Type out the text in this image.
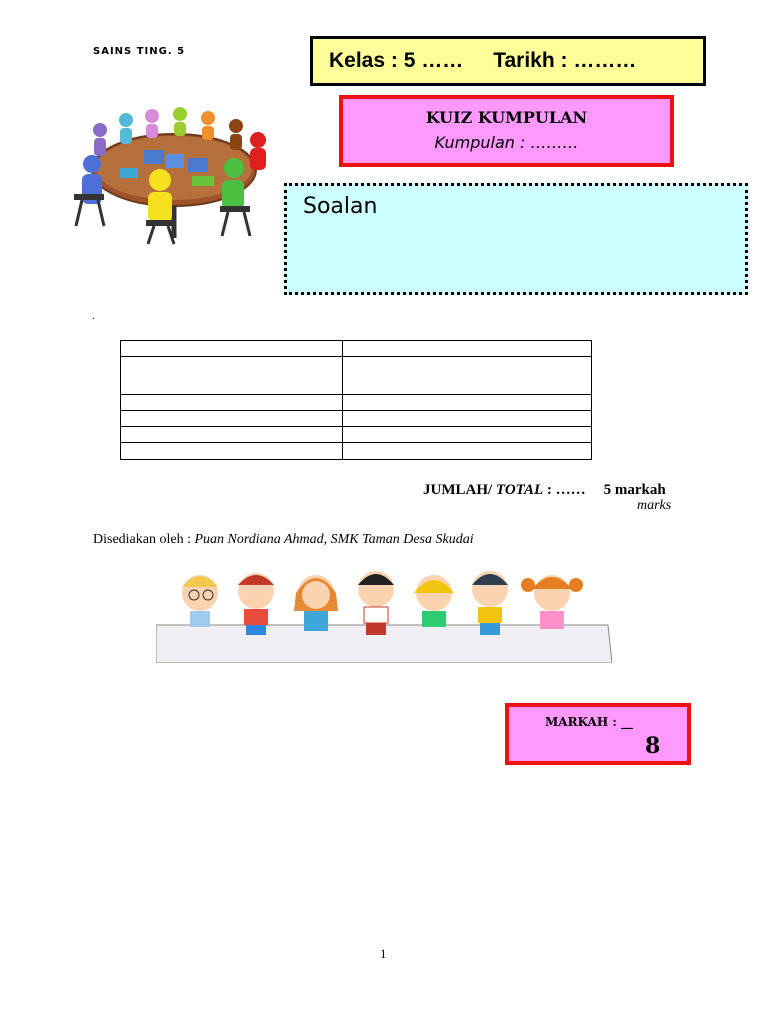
SAINS TING. 5	Kelas : 5 …… Tarikh : ………
KUIZ KUMPULAN
Kumpulan : ………
Soalan
.

JUMLAH/ TOTAL : …… 5 markah
marks
Disediakan oleh : Puan Nordiana Ahmad, SMK Taman Desa Skudai
MARKAH : __
8
1
